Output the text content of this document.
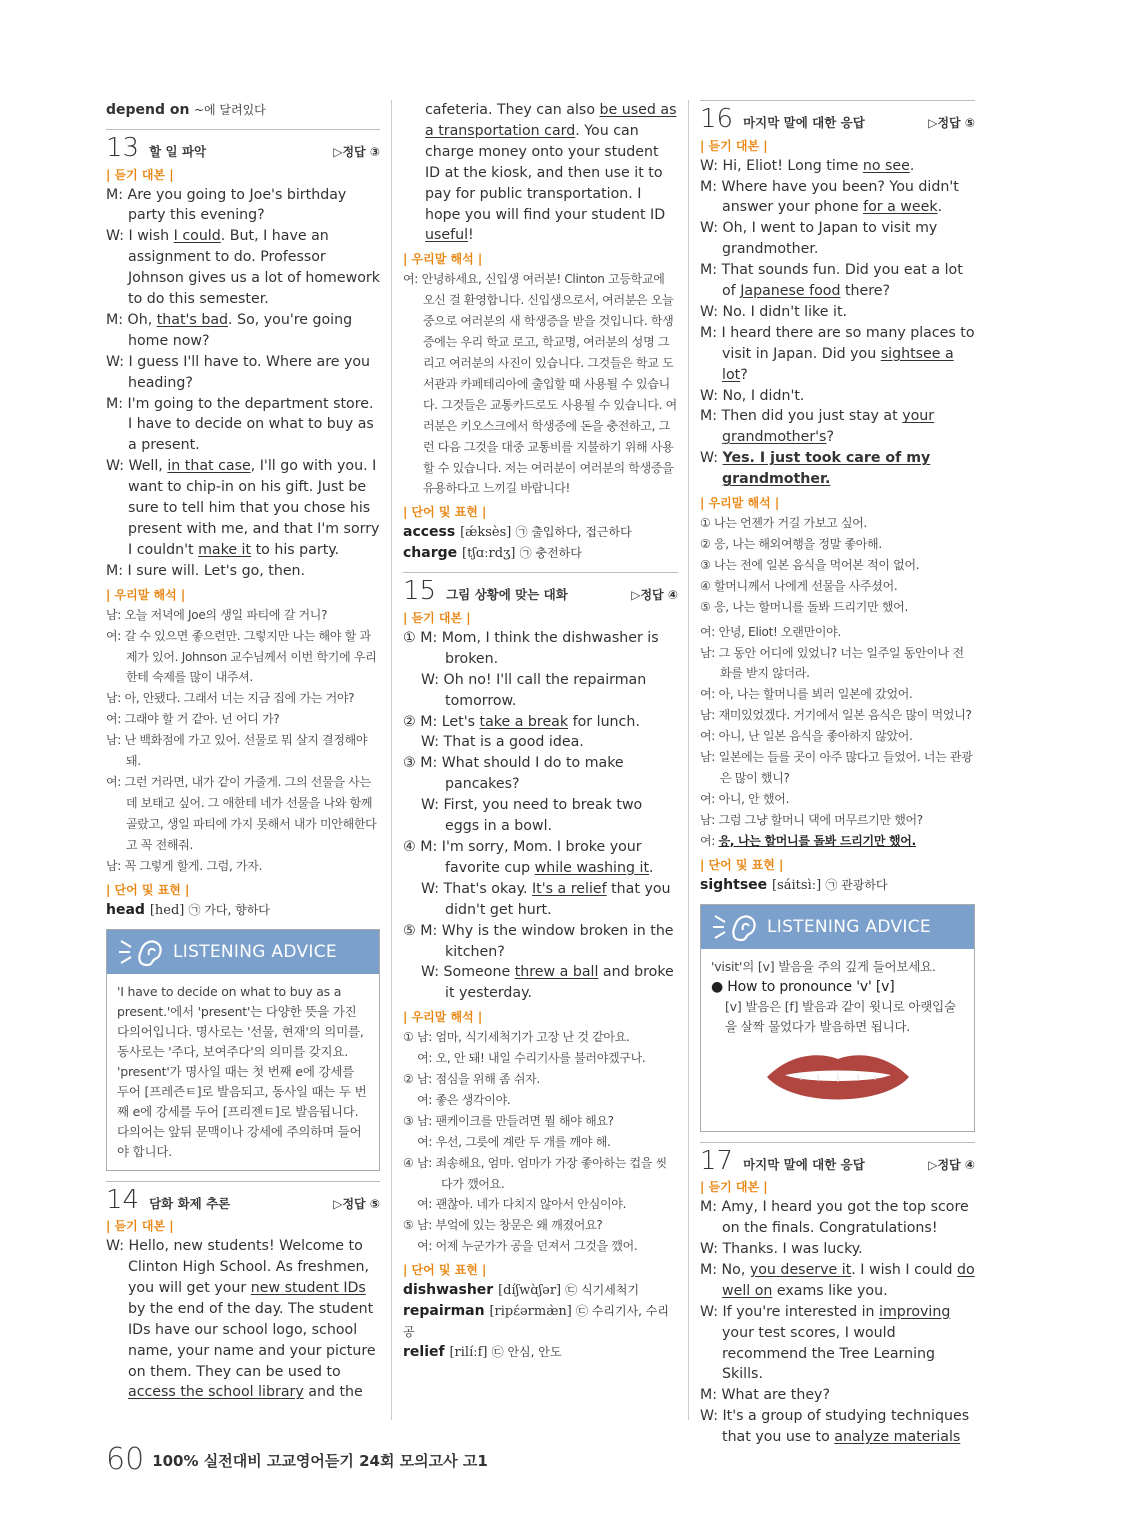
depend on ~에 달려있다
13 할 일 파악	▷정답 ③
| 듣기 대본 |
M: Are you going to Joe's birthday party this evening?
W: I wish I could. But, I have an assignment to do. Professor Johnson gives us a lot of homework to do this semester.
M: Oh, that's bad. So, you're going home now?
W: I guess I'll have to. Where are you heading?
M: I'm going to the department store. I have to decide on what to buy as a present.
W: Well, in that case, I'll go with you. I want to chip-in on his gift. Just be sure to tell him that you chose his present with me, and that I'm sorry I couldn't make it to his party.
M: I sure will. Let's go, then.
| 우리말 해석 |
남: 오늘 저녁에 Joe의 생일 파티에 갈 거니?
여: 갈 수 있으면 좋으련만. 그렇지만 나는 해야 할 과제가 있어. Johnson 교수님께서 이번 학기에 우리한테 숙제를 많이 내주셔.
남: 아, 안됐다. 그래서 너는 지금 집에 가는 거야?
여: 그래야 할 거 같아. 넌 어디 가?
남: 난 백화점에 가고 있어. 선물로 뭐 살지 결정해야 돼.
여: 그런 거라면, 내가 같이 가줄게. 그의 선물을 사는 데 보태고 싶어. 그 애한테 네가 선물을 나와 함께 골랐고, 생일 파티에 가지 못해서 내가 미안해한다고 꼭 전해줘.
남: 꼭 그렇게 할게. 그럼, 가자.
| 단어 및 표현 |
head [hed] ㉠ 가다, 향하다
LISTENING ADVICE
'I have to decide on what to buy as a present.'에서 'present'는 다양한 뜻을 가진 다의어입니다. 명사로는 '선물, 현재'의 의미를, 동사로는 '주다, 보여주다'의 의미를 갖지요. 'present'가 명사일 때는 첫 번째 e에 강세를 두어 [프레즌ㅌ]로 발음되고, 동사일 때는 두 번째 e에 강세를 두어 [프리젠ㅌ]로 발음됩니다. 다의어는 앞뒤 문맥이나 강세에 주의하며 들어야 합니다.
14 담화 화제 추론	▷정답 ⑤
| 듣기 대본 |
W: Hello, new students! Welcome to Clinton High School. As freshmen, you will get your new student IDs by the end of the day. The student IDs have our school logo, school name, your name and your picture on them. They can be used to access the school library and the
cafeteria. They can also be used as a transportation card. You can charge money onto your student ID at the kiosk, and then use it to pay for public transportation. I hope you will find your student ID useful!
| 우리말 해석 |
여: 안녕하세요, 신입생 여러분! Clinton 고등학교에 오신 걸 환영합니다. 신입생으로서, 여러분은 오늘 중으로 여러분의 새 학생증을 받을 것입니다. 학생증에는 우리 학교 로고, 학교명, 여러분의 성명 그리고 여러분의 사진이 있습니다. 그것들은 학교 도서관과 카페테리아에 출입할 때 사용될 수 있습니다. 그것들은 교통카드로도 사용될 수 있습니다. 여러분은 키오스크에서 학생증에 돈을 충전하고, 그런 다음 그것을 대중 교통비를 지불하기 위해 사용할 수 있습니다. 저는 여러분이 여러분의 학생증을 유용하다고 느끼길 바랍니다!
| 단어 및 표현 |
access [ǽksès] ㉠ 출입하다, 접근하다
charge [tʃɑːrdʒ] ㉠ 충전하다
15 그림 상황에 맞는 대화	▷정답 ④
| 듣기 대본 |
① M: Mom, I think the dishwasher is broken.
W: Oh no! I'll call the repairman tomorrow.
② M: Let's take a break for lunch.
W: That is a good idea.
③ M: What should I do to make pancakes?
W: First, you need to break two eggs in a bowl.
④ M: I'm sorry, Mom. I broke your favorite cup while washing it.
W: That's okay. It's a relief that you didn't get hurt.
⑤ M: Why is the window broken in the kitchen?
W: Someone threw a ball and broke it yesterday.
| 우리말 해석 |
① 남: 엄마, 식기세척기가 고장 난 것 같아요.
여: 오, 안 돼! 내일 수리기사를 불러야겠구나.
② 남: 점심을 위해 좀 쉬자.
여: 좋은 생각이야.
③ 남: 팬케이크를 만들려면 뭘 해야 해요?
여: 우선, 그릇에 계란 두 개를 깨야 해.
④ 남: 죄송해요, 엄마. 엄마가 가장 좋아하는 컵을 씻다가 깼어요.
여: 괜찮아. 네가 다치지 않아서 안심이야.
⑤ 남: 부엌에 있는 창문은 왜 깨졌어요?
여: 어제 누군가가 공을 던져서 그것을 깼어.
| 단어 및 표현 |
dishwasher [díʃwɑ̀ʃər] ㉢ 식기세척기
repairman [ripέərmæ̀n] ㉢ 수리기사, 수리공
relief [rilíːf] ㉢ 안심, 안도
16 마지막 말에 대한 응답	▷정답 ⑤
| 듣기 대본 |
W: Hi, Eliot! Long time no see.
M: Where have you been? You didn't answer your phone for a week.
W: Oh, I went to Japan to visit my grandmother.
M: That sounds fun. Did you eat a lot of Japanese food there?
W: No. I didn't like it.
M: I heard there are so many places to visit in Japan. Did you sightsee a lot?
W: No, I didn't.
M: Then did you just stay at your grandmother's?
W: Yes. I just took care of my grandmother.
| 우리말 해석 |
① 나는 언젠가 거길 가보고 싶어.
② 응, 나는 해외여행을 정말 좋아해.
③ 나는 전에 일본 음식을 먹어본 적이 없어.
④ 할머니께서 나에게 선물을 사주셨어.
⑤ 응, 나는 할머니를 돌봐 드리기만 했어.
여: 안녕, Eliot! 오랜만이야.
남: 그 동안 어디에 있었니? 너는 일주일 동안이나 전화를 받지 않더라.
여: 아, 나는 할머니를 뵈러 일본에 갔었어.
남: 재미있었겠다. 거기에서 일본 음식은 많이 먹었니?
여: 아니, 난 일본 음식을 좋아하지 않았어.
남: 일본에는 들를 곳이 아주 많다고 들었어. 너는 관광은 많이 했니?
여: 아니, 안 했어.
남: 그럼 그냥 할머니 댁에 머무르기만 했어?
여: 응, 나는 할머니를 돌봐 드리기만 했어.
| 단어 및 표현 |
sightsee [sáitsìː] ㉠ 관광하다
LISTENING ADVICE
'visit'의 [v] 발음을 주의 깊게 들어보세요.
● How to pronounce 'v' [v]
[v] 발음은 [f] 발음과 같이 윗니로 아랫입술을 살짝 물었다가 발음하면 됩니다.
17 마지막 말에 대한 응답	▷정답 ④
| 듣기 대본 |
M: Amy, I heard you got the top score on the finals. Congratulations!
W: Thanks. I was lucky.
M: No, you deserve it. I wish I could do well on exams like you.
W: If you're interested in improving your test scores, I would recommend the Tree Learning Skills.
M: What are they?
W: It's a group of studying techniques that you use to analyze materials
60 100% 실전대비 고교영어듣기 24회 모의고사 고1
